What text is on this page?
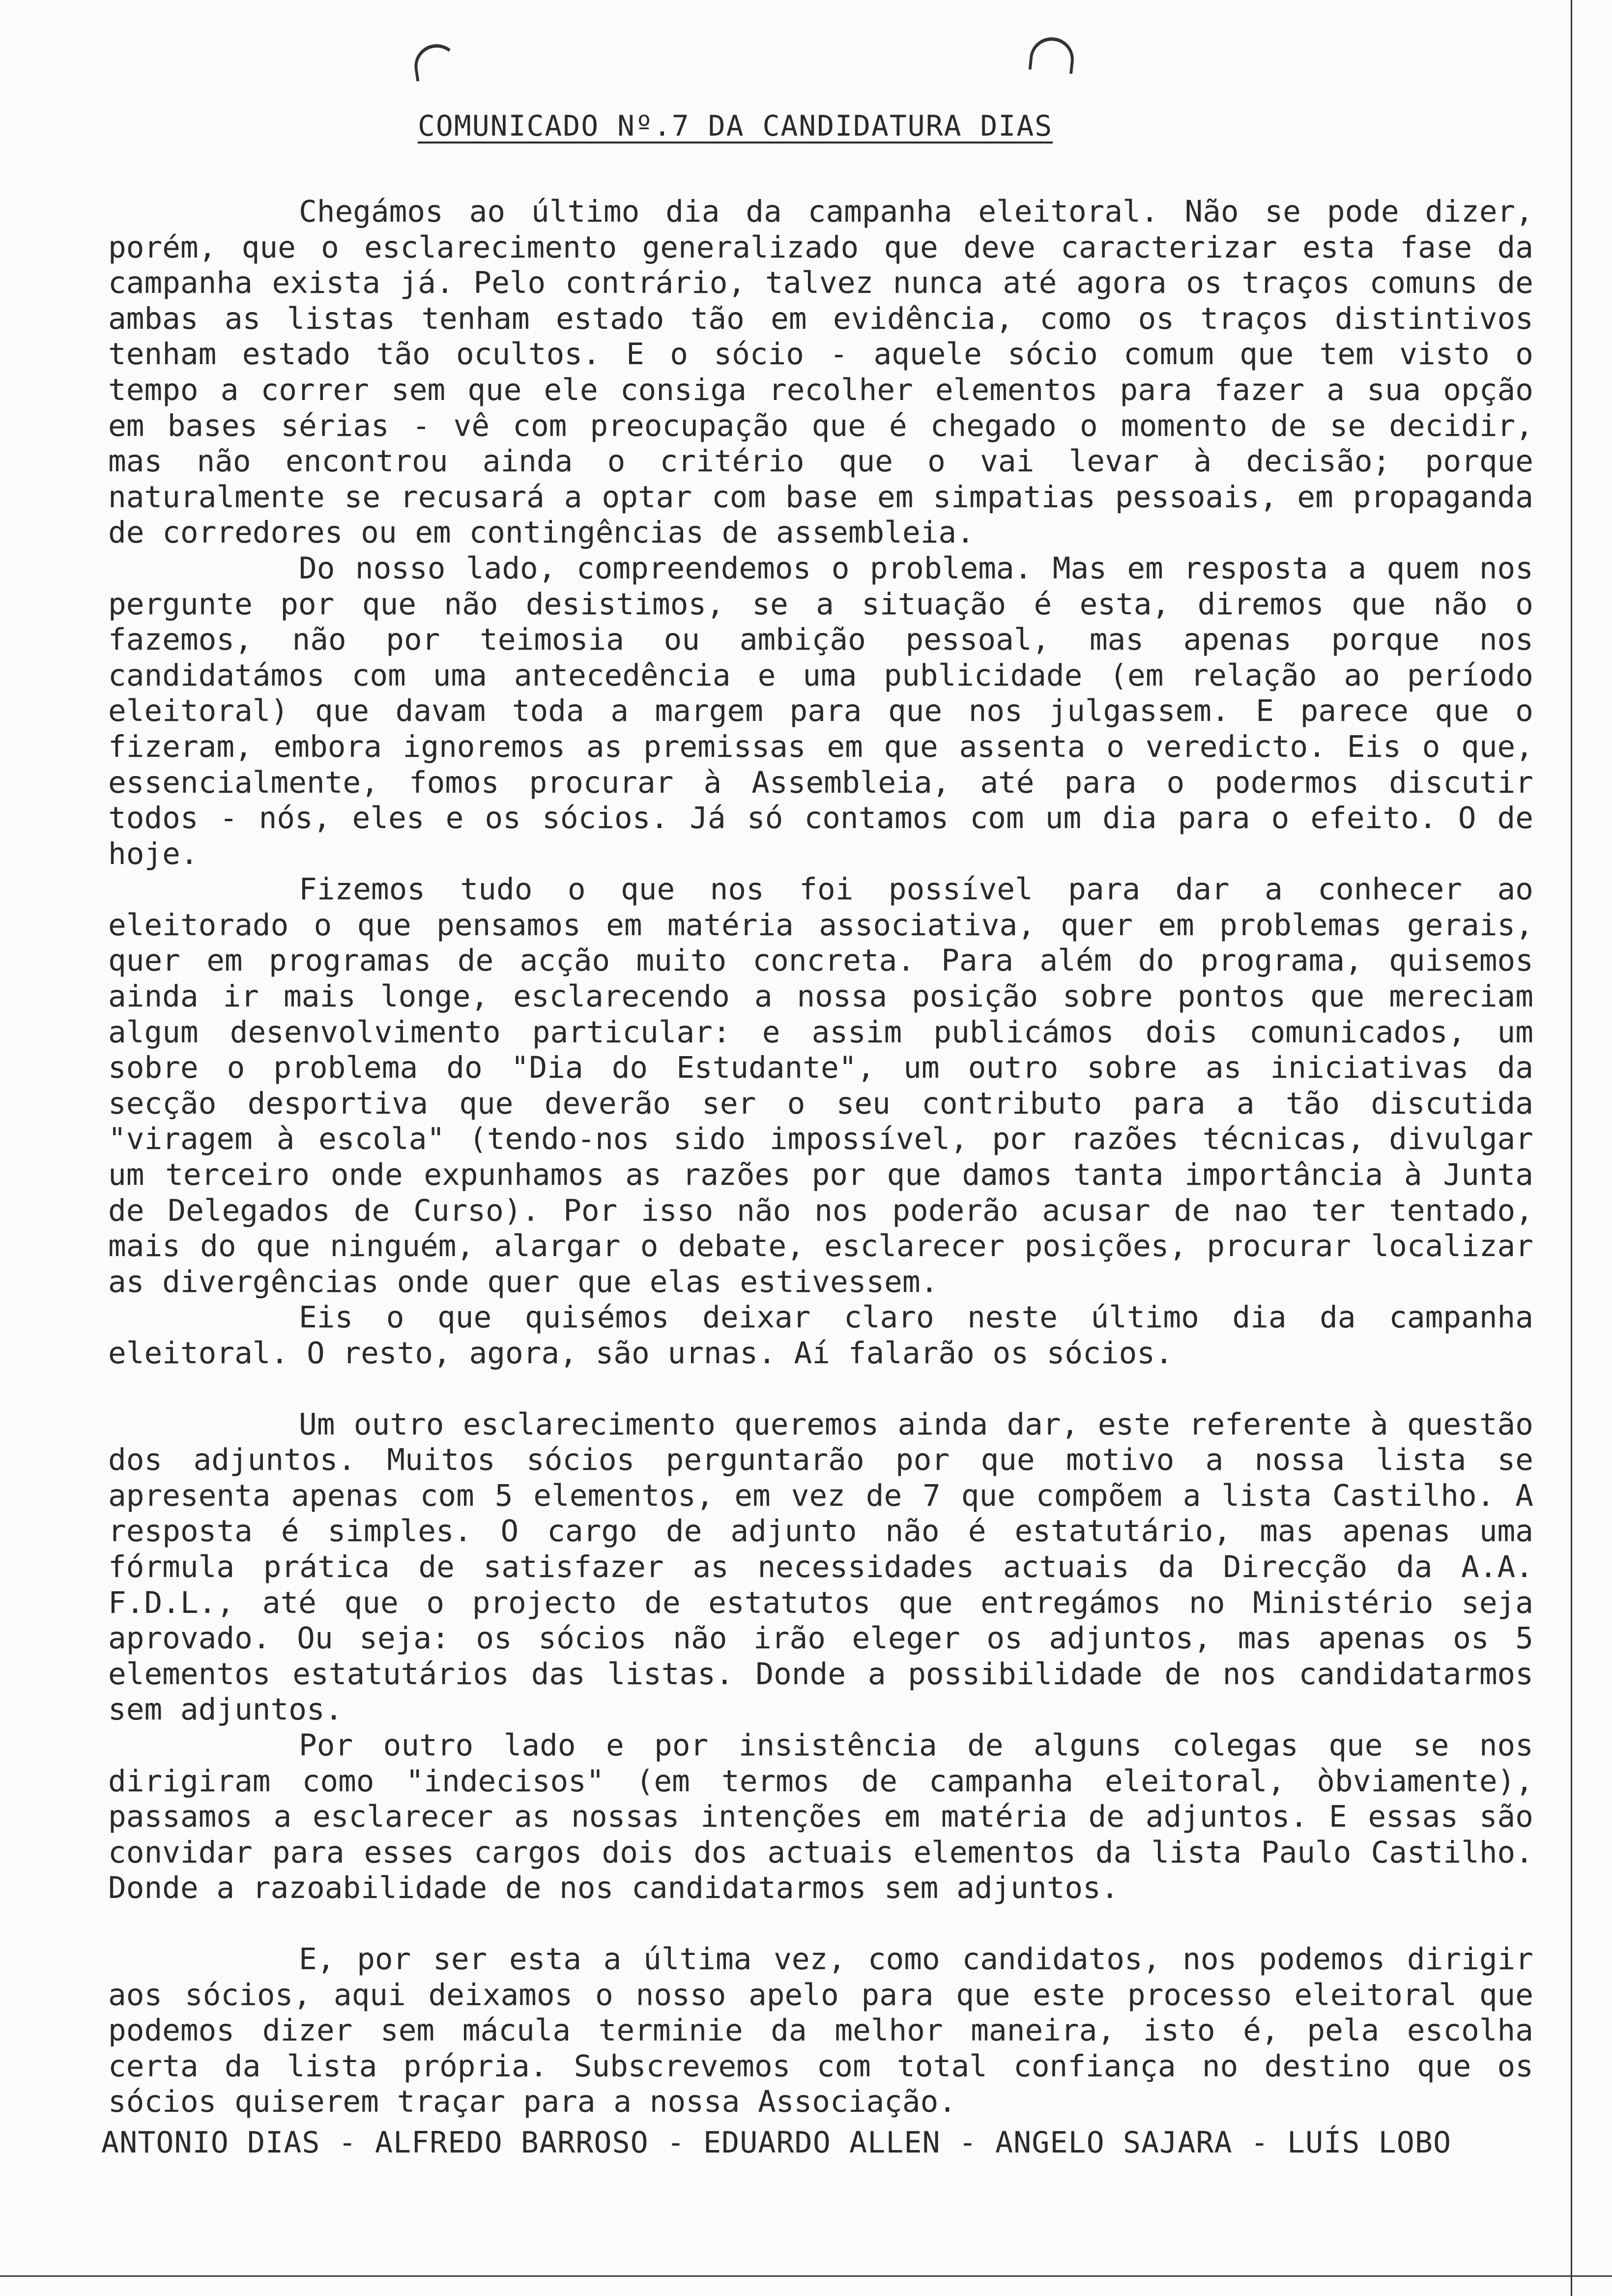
COMUNICADO Nº.7 DA CANDIDATURA DIAS

Chegámos ao último dia da campanha eleitoral. Não se pode dizer, porém, que o esclarecimento generalizado que deve caracterizar esta fase da campanha exista já. Pelo contrário, talvez nunca até agora os traços comuns de ambas as listas tenham estado tão em evidência, como os traços distintivos tenham estado tão ocultos. E o sócio - aquele sócio comum que tem visto o tempo a correr sem que ele consiga recolher elementos para fazer a sua opção em bases sérias - vê com preocupação que é chegado o momento de se decidir, mas não encontrou ainda o critério que o vai levar à decisão; porque naturalmente se recusará a optar com base em simpatias pessoais, em propaganda de corredores ou em contingências de assembleia.

Do nosso lado, compreendemos o problema. Mas em resposta a quem nos pergunte por que não desistimos, se a situação é esta, diremos que não o fazemos, não por teimosia ou ambição pessoal, mas apenas porque nos candidatámos com uma antecedência e uma publicidade (em relação ao período eleitoral) que davam toda a margem para que nos julgassem. E parece que o fizeram, embora ignoremos as premissas em que assenta o veredicto. Eis o que, essencialmente, fomos procurar à Assembleia, até para o podermos discutir todos - nós, eles e os sócios. Já só contamos com um dia para o efeito. O de hoje.

Fizemos tudo o que nos foi possível para dar a conhecer ao eleitorado o que pensamos em matéria associativa, quer em problemas gerais, quer em programas de acção muito concreta. Para além do programa, quisemos ainda ir mais longe, esclarecendo a nossa posição sobre pontos que mereciam algum desenvolvimento particular: e assim publicámos dois comunicados, um sobre o problema do "Dia do Estudante", um outro sobre as iniciativas da secção desportiva que deverão ser o seu contributo para a tão discutida "viragem à escola" (tendo-nos sido impossível, por razões técnicas, divulgar um terceiro onde expunhamos as razões por que damos tanta importância à Junta de Delegados de Curso). Por isso não nos poderão acusar de nao ter tentado, mais do que ninguém, alargar o debate, esclarecer posições, procurar localizar as divergências onde quer que elas estivessem.

Eis o que quisémos deixar claro neste último dia da campanha eleitoral. O resto, agora, são urnas. Aí falarão os sócios.

Um outro esclarecimento queremos ainda dar, este referente à questão dos adjuntos. Muitos sócios perguntarão por que motivo a nossa lista se apresenta apenas com 5 elementos, em vez de 7 que compõem a lista Castilho. A resposta é simples. O cargo de adjunto não é estatutário, mas apenas uma fórmula prática de satisfazer as necessidades actuais da Direcção da A.A. F.D.L., até que o projecto de estatutos que entregámos no Ministério seja aprovado. Ou seja: os sócios não irão eleger os adjuntos, mas apenas os 5 elementos estatutários das listas. Donde a possibilidade de nos candidatarmos sem adjuntos.

Por outro lado e por insistência de alguns colegas que se nos dirigiram como "indecisos" (em termos de campanha eleitoral, òbviamente), passamos a esclarecer as nossas intenções em matéria de adjuntos. E essas são convidar para esses cargos dois dos actuais elementos da lista Paulo Castilho. Donde a razoabilidade de nos candidatarmos sem adjuntos.

E, por ser esta a última vez, como candidatos, nos podemos dirigir aos sócios, aqui deixamos o nosso apelo para que este processo eleitoral que podemos dizer sem mácula terminie da melhor maneira, isto é, pela escolha certa da lista própria. Subscrevemos com total confiança no destino que os sócios quiserem traçar para a nossa Associação.

ANTONIO DIAS - ALFREDO BARROSO - EDUARDO ALLEN - ANGELO SAJARA - LUÍS LOBO
